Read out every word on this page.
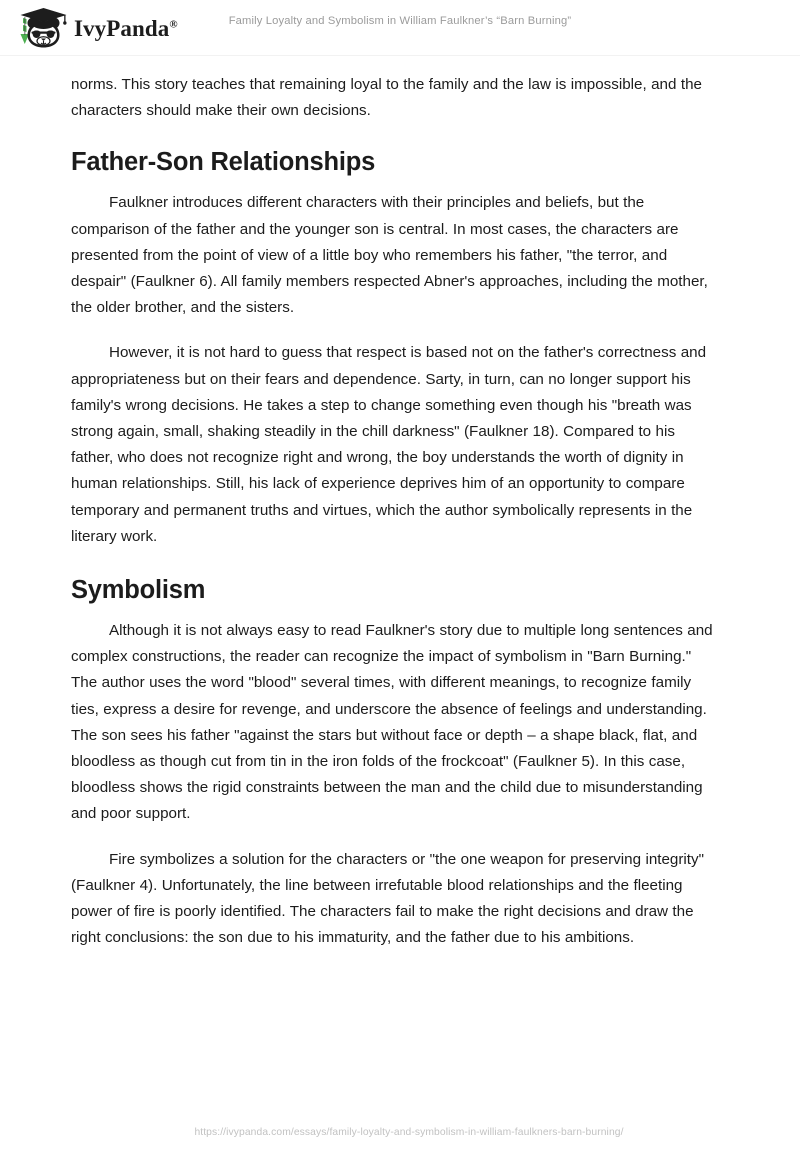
IvyPanda®	Family Loyalty and Symbolism in William Faulkner’s “Barn Burning”

norms. This story teaches that remaining loyal to the family and the law is impossible, and the characters should make their own decisions.

Father-Son Relationships

Faulkner introduces different characters with their principles and beliefs, but the comparison of the father and the younger son is central. In most cases, the characters are presented from the point of view of a little boy who remembers his father, "the terror, and despair" (Faulkner 6). All family members respected Abner's approaches, including the mother, the older brother, and the sisters.

However, it is not hard to guess that respect is based not on the father's correctness and appropriateness but on their fears and dependence. Sarty, in turn, can no longer support his family's wrong decisions. He takes a step to change something even though his "breath was strong again, small, shaking steadily in the chill darkness" (Faulkner 18). Compared to his father, who does not recognize right and wrong, the boy understands the worth of dignity in human relationships. Still, his lack of experience deprives him of an opportunity to compare temporary and permanent truths and virtues, which the author symbolically represents in the literary work.

Symbolism

Although it is not always easy to read Faulkner's story due to multiple long sentences and complex constructions, the reader can recognize the impact of symbolism in "Barn Burning." The author uses the word "blood" several times, with different meanings, to recognize family ties, express a desire for revenge, and underscore the absence of feelings and understanding. The son sees his father "against the stars but without face or depth – a shape black, flat, and bloodless as though cut from tin in the iron folds of the frockcoat" (Faulkner 5). In this case, bloodless shows the rigid constraints between the man and the child due to misunderstanding and poor support.

Fire symbolizes a solution for the characters or "the one weapon for preserving integrity" (Faulkner 4). Unfortunately, the line between irrefutable blood relationships and the fleeting power of fire is poorly identified. The characters fail to make the right decisions and draw the right conclusions: the son due to his immaturity, and the father due to his ambitions.

https://ivypanda.com/essays/family-loyalty-and-symbolism-in-william-faulkners-barn-burning/
